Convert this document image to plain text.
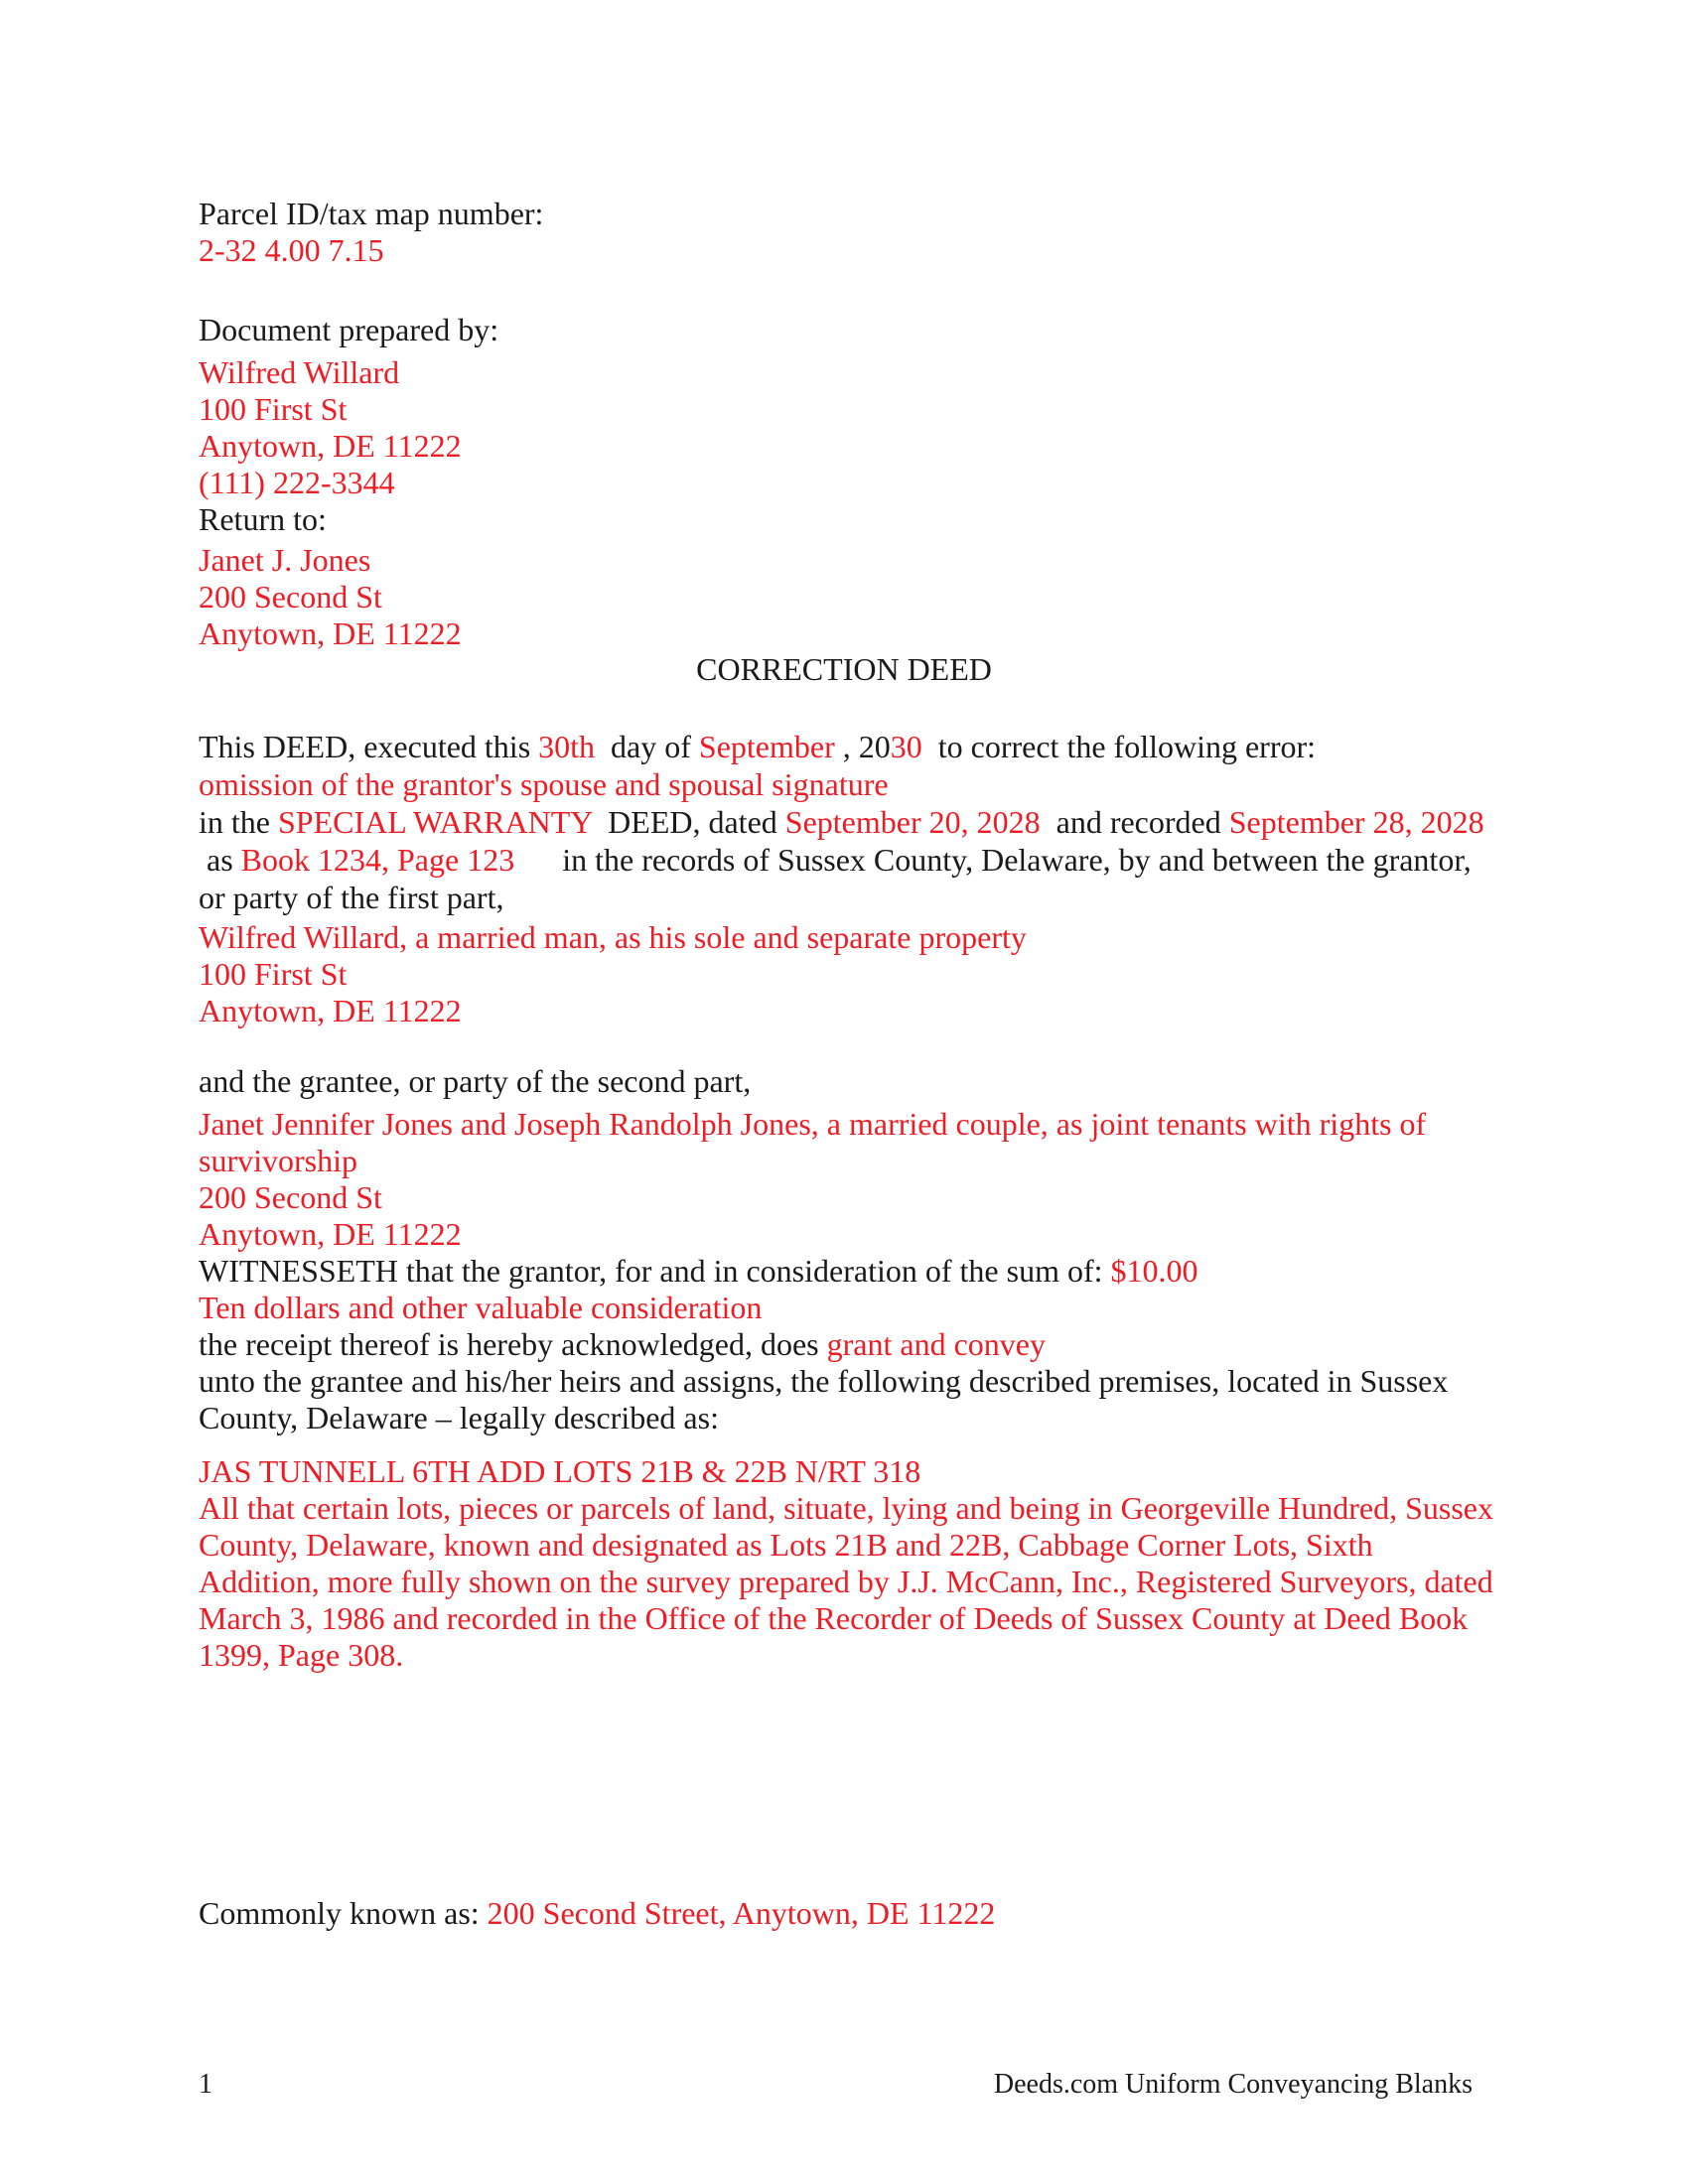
Parcel ID/tax map number:
2-32 4.00 7.15
Document prepared by:
Wilfred Willard
100 First St
Anytown, DE 11222
(111) 222-3344
Return to:
Janet J. Jones
200 Second St
Anytown, DE 11222
CORRECTION DEED
This DEED, executed this 30th day of September , 2030 to correct the following error:
omission of the grantor's spouse and spousal signature
in the SPECIAL WARRANTY DEED, dated September 20, 2028 and recorded September 28, 2028  as Book 1234, Page 123 in the records of Sussex County, Delaware, by and between the grantor, or party of the first part,
Wilfred Willard, a married man, as his sole and separate property
100 First St
Anytown, DE 11222
and the grantee, or party of the second part,
Janet Jennifer Jones and Joseph Randolph Jones, a married couple, as joint tenants with rights of survivorship
200 Second St
Anytown, DE 11222
WITNESSETH that the grantor, for and in consideration of the sum of: $10.00
Ten dollars and other valuable consideration
the receipt thereof is hereby acknowledged, does grant and convey
unto the grantee and his/her heirs and assigns, the following described premises, located in Sussex County, Delaware – legally described as:
JAS TUNNELL 6TH ADD LOTS 21B & 22B N/RT 318
All that certain lots, pieces or parcels of land, situate, lying and being in Georgeville Hundred, Sussex County, Delaware, known and designated as Lots 21B and 22B, Cabbage Corner Lots, Sixth Addition, more fully shown on the survey prepared by J.J. McCann, Inc., Registered Surveyors, dated March 3, 1986 and recorded in the Office of the Recorder of Deeds of Sussex County at Deed Book 1399, Page 308.
Commonly known as: 200 Second Street, Anytown, DE 11222
1	Deeds.com Uniform Conveyancing Blanks
